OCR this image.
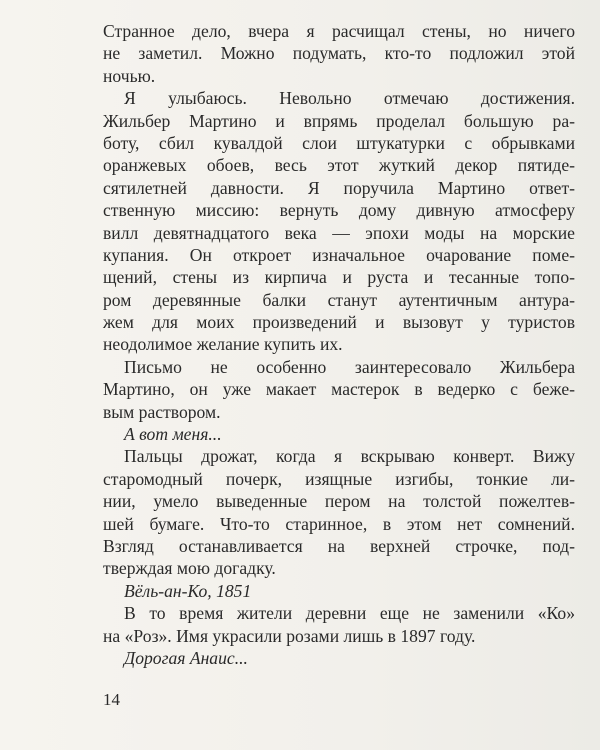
Странное дело, вчера я расчищал стены, но ничего
не заметил. Можно подумать, кто-то подложил этой
ночью.
Я улыбаюсь. Невольно отмечаю достижения.
Жильбер Мартино и впрямь проделал большую ра-
боту, сбил кувалдой слои штукатурки с обрывками
оранжевых обоев, весь этот жуткий декор пятиде-
сятилетней давности. Я поручила Мартино ответ-
ственную миссию: вернуть дому дивную атмосферу
вилл девятнадцатого века — эпохи моды на морские
купания. Он откроет изначальное очарование поме-
щений, стены из кирпича и руста и тесанные топо-
ром деревянные балки станут аутентичным антура-
жем для моих произведений и вызовут у туристов
неодолимое желание купить их.
Письмо не особенно заинтересовало Жильбера
Мартино, он уже макает мастерок в ведерко с беже-
вым раствором.
А вот меня...
Пальцы дрожат, когда я вскрываю конверт. Вижу
старомодный почерк, изящные изгибы, тонкие ли-
нии, умело выведенные пером на толстой пожелтев-
шей бумаге. Что-то старинное, в этом нет сомнений.
Взгляд останавливается на верхней строчке, под-
тверждая мою догадку.
Вёль-ан-Ко, 1851
В то время жители деревни еще не заменили «Ко»
на «Роз». Имя украсили розами лишь в 1897 году.
Дорогая Анаис...
14
